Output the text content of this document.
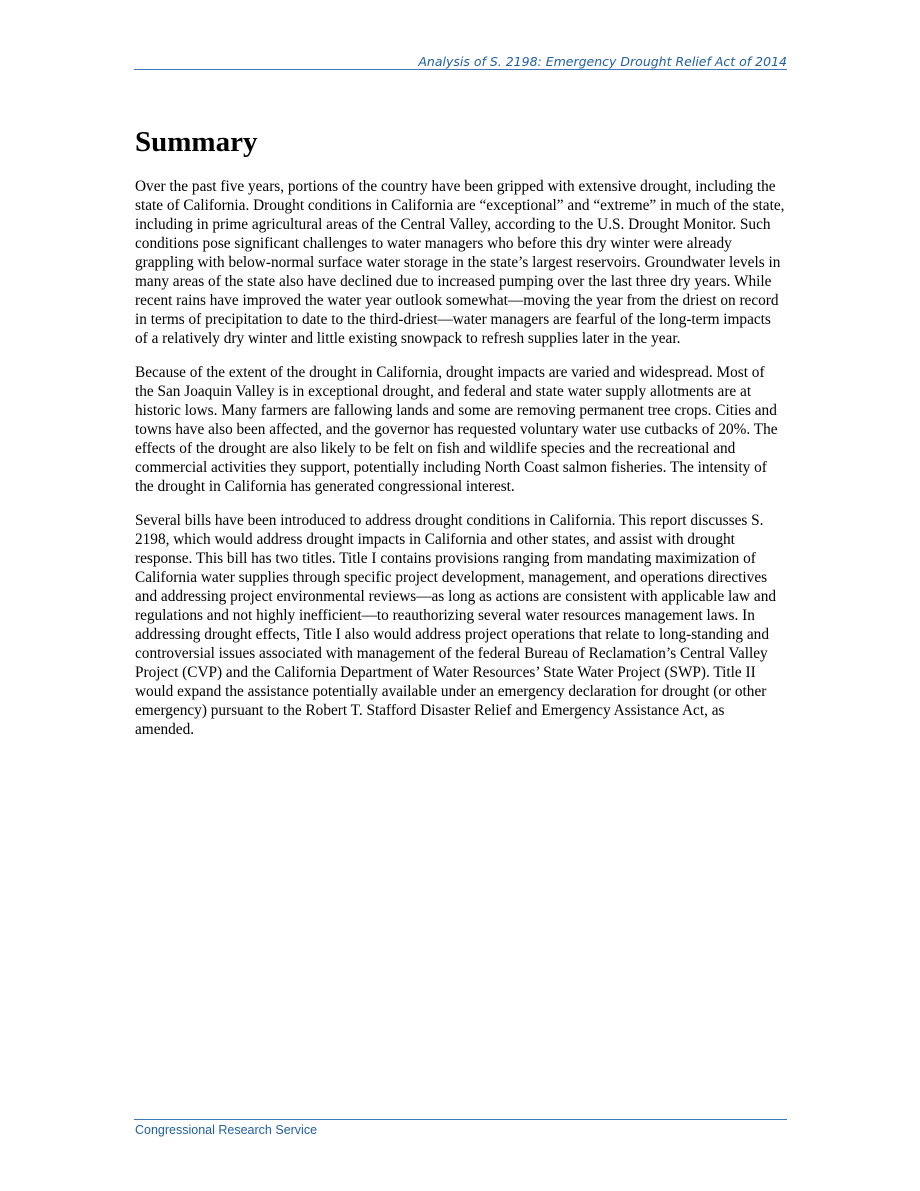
Analysis of S. 2198: Emergency Drought Relief Act of 2014
Summary

Over the past five years, portions of the country have been gripped with extensive drought, including the state of California. Drought conditions in California are “exceptional” and “extreme” in much of the state, including in prime agricultural areas of the Central Valley, according to the U.S. Drought Monitor. Such conditions pose significant challenges to water managers who before this dry winter were already grappling with below-normal surface water storage in the state’s largest reservoirs. Groundwater levels in many areas of the state also have declined due to increased pumping over the last three dry years. While recent rains have improved the water year outlook somewhat—moving the year from the driest on record in terms of precipitation to date to the third-driest—water managers are fearful of the long-term impacts of a relatively dry winter and little existing snowpack to refresh supplies later in the year.

Because of the extent of the drought in California, drought impacts are varied and widespread. Most of the San Joaquin Valley is in exceptional drought, and federal and state water supply allotments are at historic lows. Many farmers are fallowing lands and some are removing permanent tree crops. Cities and towns have also been affected, and the governor has requested voluntary water use cutbacks of 20%. The effects of the drought are also likely to be felt on fish and wildlife species and the recreational and commercial activities they support, potentially including North Coast salmon fisheries. The intensity of the drought in California has generated congressional interest.

Several bills have been introduced to address drought conditions in California. This report discusses S. 2198, which would address drought impacts in California and other states, and assist with drought response. This bill has two titles. Title I contains provisions ranging from mandating maximization of California water supplies through specific project development, management, and operations directives and addressing project environmental reviews—as long as actions are consistent with applicable law and regulations and not highly inefficient—to reauthorizing several water resources management laws. In addressing drought effects, Title I also would address project operations that relate to long-standing and controversial issues associated with management of the federal Bureau of Reclamation’s Central Valley Project (CVP) and the California Department of Water Resources’ State Water Project (SWP). Title II would expand the assistance potentially available under an emergency declaration for drought (or other emergency) pursuant to the Robert T. Stafford Disaster Relief and Emergency Assistance Act, as amended.

Congressional Research Service
